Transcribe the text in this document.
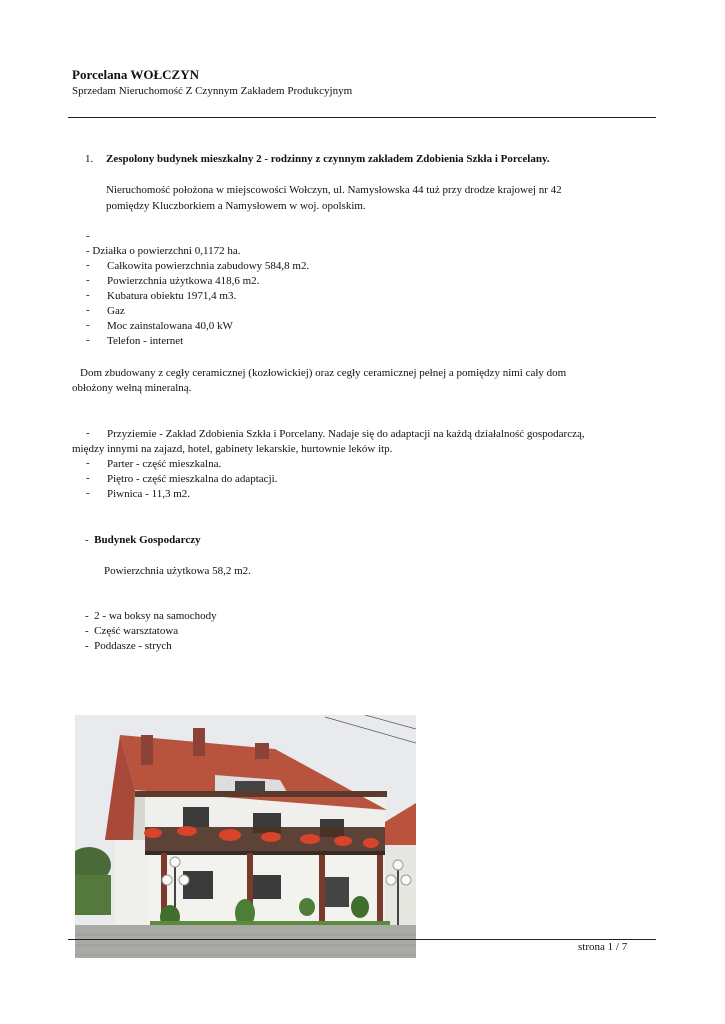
Porcelana WOŁCZYN
Sprzedam Nieruchomość Z Czynnym Zakładem Produkcyjnym
1. Zespolony budynek mieszkalny 2 - rodzinny z czynnym zakładem Zdobienia Szkła i Porcelany.
Nieruchomość położona w miejscowości Wołczyn, ul. Namysłowska 44 tuż przy drodze krajowej nr 42
pomiędzy Kluczborkiem a Namysłowem w woj. opolskim.
-
- Działka o powierzchni 0,1172 ha.
- Całkowita powierzchnia zabudowy 584,8 m2.
- Powierzchnia użytkowa 418,6 m2.
- Kubatura obiektu 1971,4 m3.
- Gaz
- Moc zainstalowana 40,0 kW
- Telefon - internet
Dom zbudowany z cegły ceramicznej (kozłowickiej) oraz cegły ceramicznej pełnej a pomiędzy nimi cały dom
obłożony wełną mineralną.
- Przyziemie - Zakład Zdobienia Szkła i Porcelany. Nadaje się do adaptacji na każdą działalność gospodarczą,
między innymi na zajazd, hotel, gabinety lekarskie, hurtownie leków itp.
- Parter - część mieszkalna.
- Piętro - część mieszkalna do adaptacji.
- Piwnica - 11,3 m2.
-  Budynek Gospodarczy
Powierzchnia użytkowa 58,2 m2.
-  2 - wa boksy na samochody
-  Część warsztatowa
-  Poddasze - strych
strona 1 / 7
